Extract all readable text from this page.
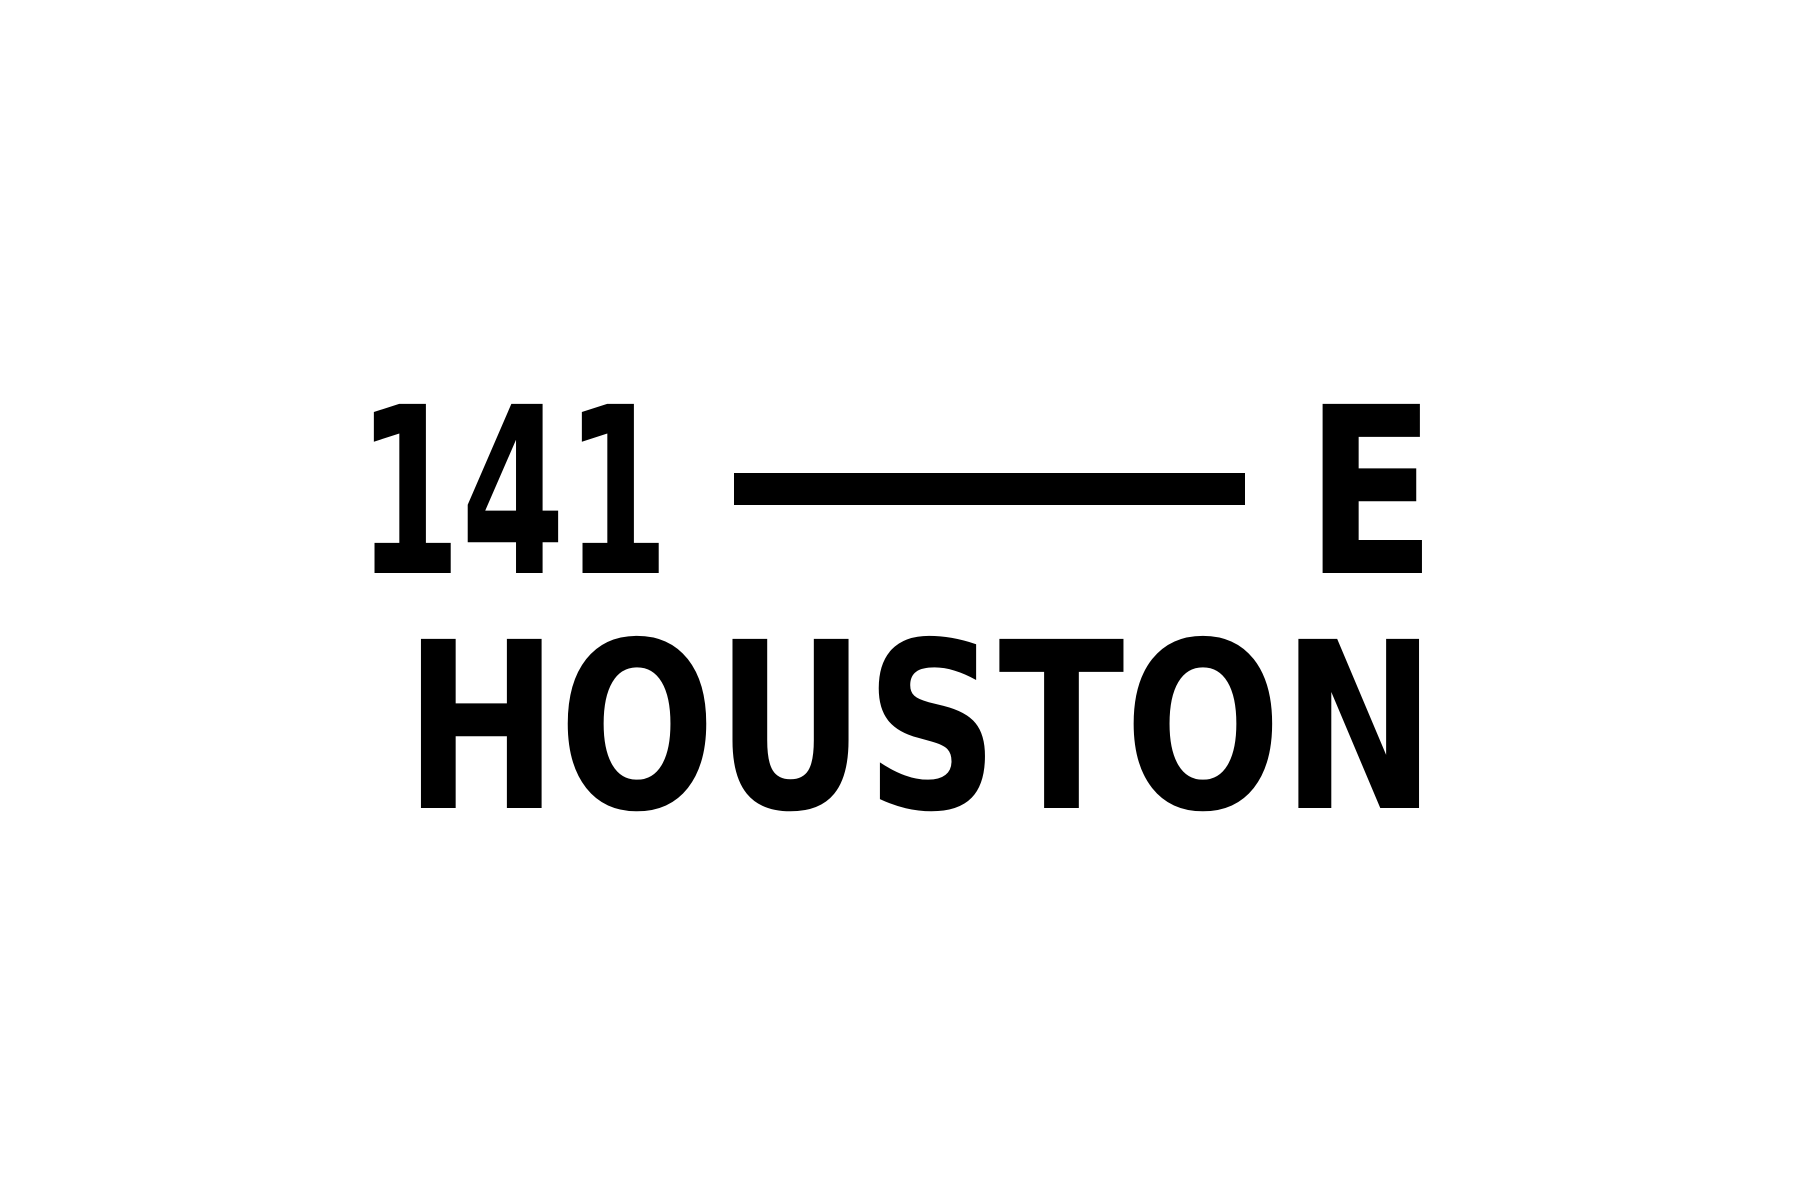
141	E
HOUSTON
